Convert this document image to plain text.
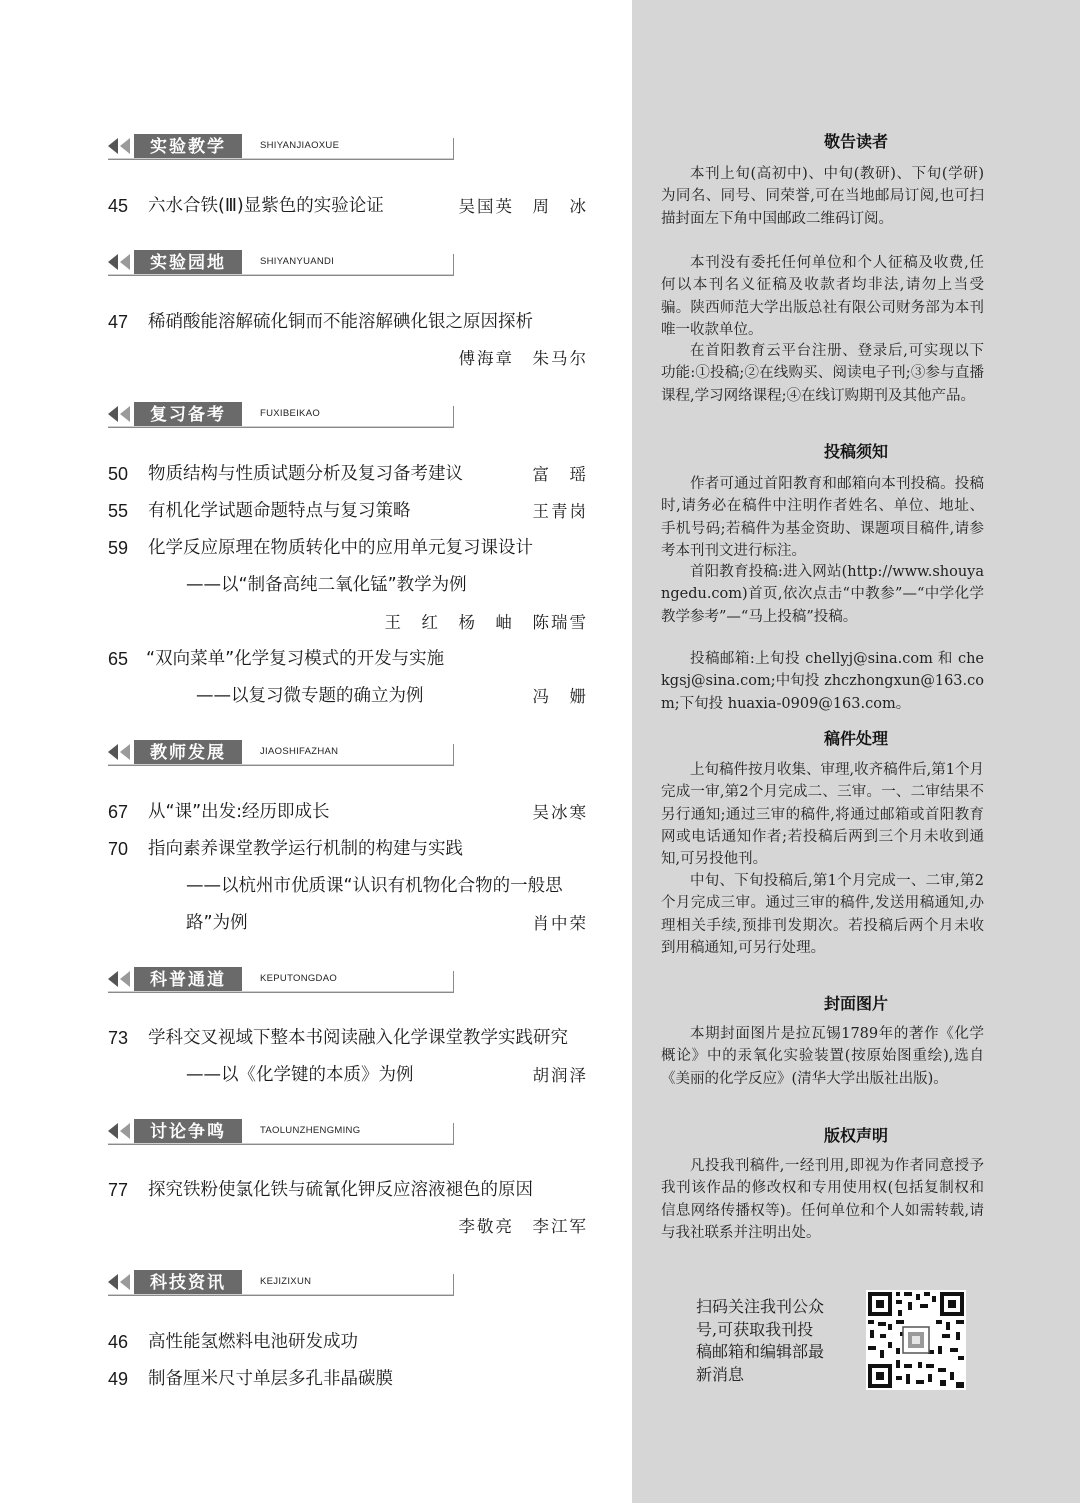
实验教学	SHIYANJIAOXUE
45	六水合铁(Ⅲ)显紫色的实验论证	吴国英　周　冰
实验园地	SHIYANYUANDI
47	稀硝酸能溶解硫化铜而不能溶解碘化银之原因探析
傅海章　朱马尔
复习备考	FUXIBEIKAO
50	物质结构与性质试题分析及复习备考建议	富　瑶
55	有机化学试题命题特点与复习策略	王青岗
59	化学反应原理在物质转化中的应用单元复习课设计
——以“制备高纯二氧化锰”教学为例
王　红　杨　岫　陈瑞雪
65	“双向菜单”化学复习模式的开发与实施
——以复习微专题的确立为例	冯　姗
教师发展	JIAOSHIFAZHAN
67	从“课”出发:经历即成长	吴冰寒
70	指向素养课堂教学运行机制的构建与实践
——以杭州市优质课“认识有机物化合物的一般思
路”为例	肖中荣
科普通道	KEPUTONGDAO
73	学科交叉视域下整本书阅读融入化学课堂教学实践研究
——以《化学键的本质》为例	胡润泽
讨论争鸣	TAOLUNZHENGMING
77	探究铁粉使氯化铁与硫氰化钾反应溶液褪色的原因
李敬亮　李江军
科技资讯	KEJIZIXUN
46	高性能氢燃料电池研发成功
49	制备厘米尺寸单层多孔非晶碳膜
敬告读者
本刊上旬(高初中)、中旬(教研)、下旬(学研)为同名、同号、同荣誉,可在当地邮局订阅,也可扫描封面左下角中国邮政二维码订阅。
本刊没有委托任何单位和个人征稿及收费,任何以本刊名义征稿及收款者均非法,请勿上当受骗。陕西师范大学出版总社有限公司财务部为本刊唯一收款单位。
在首阳教育云平台注册、登录后,可实现以下功能:①投稿;②在线购买、阅读电子刊;③参与直播课程,学习网络课程;④在线订购期刊及其他产品。
投稿须知
作者可通过首阳教育和邮箱向本刊投稿。投稿时,请务必在稿件中注明作者姓名、单位、地址、手机号码;若稿件为基金资助、课题项目稿件,请参考本刊刊文进行标注。
首阳教育投稿:进入网站(http://www.shouyangedu.com)首页,依次点击“中教参”—“中学化学教学参考”—“马上投稿”投稿。
投稿邮箱:上旬投 chellyj@sina.com 和 chekgsj@sina.com;中旬投 zhczhongxun@163.com;下旬投 huaxia-0909@163.com。
稿件处理
上旬稿件按月收集、审理,收齐稿件后,第1个月完成一审,第2个月完成二、三审。一、二审结果不另行通知;通过三审的稿件,将通过邮箱或首阳教育网或电话通知作者;若投稿后两到三个月未收到通知,可另投他刊。
中旬、下旬投稿后,第1个月完成一、二审,第2个月完成三审。通过三审的稿件,发送用稿通知,办理相关手续,预排刊发期次。若投稿后两个月未收到用稿通知,可另行处理。
封面图片
本期封面图片是拉瓦锡1789年的著作《化学概论》中的汞氧化实验装置(按原始图重绘),选自《美丽的化学反应》(清华大学出版社出版)。
版权声明
凡投我刊稿件,一经刊用,即视为作者同意授予我刊该作品的修改权和专用使用权(包括复制权和信息网络传播权等)。任何单位和个人如需转载,请与我社联系并注明出处。
扫码关注我刊公众号,可获取我刊投稿邮箱和编辑部最新消息
